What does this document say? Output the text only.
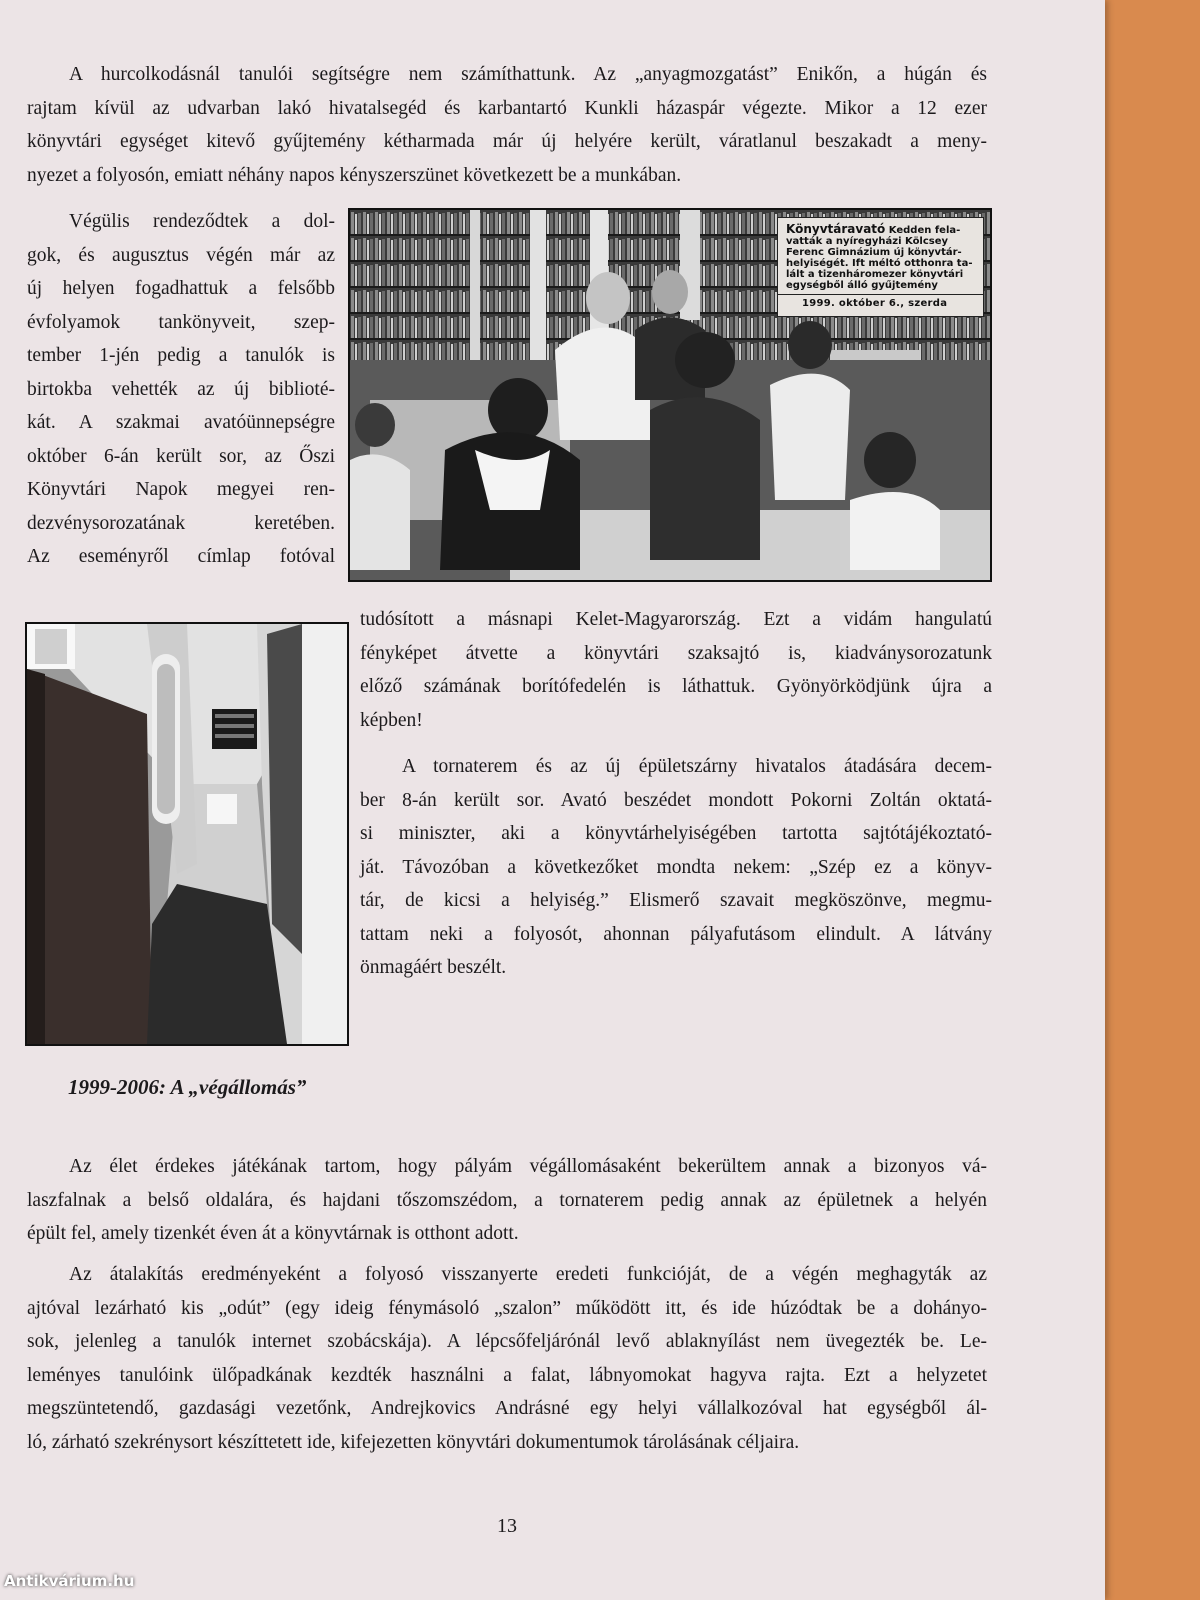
A hurcolkodásnál tanulói segítségre nem számíthattunk. Az „anyagmozgatást” Enikőn, a húgán és
rajtam kívül az udvarban lakó hivatalsegéd és karbantartó Kunkli házaspár végezte. Mikor a 12 ezer
könyvtári egységet kitevő gyűjtemény kétharmada már új helyére került, váratlanul beszakadt a meny-
nyezet a folyosón, emiatt néhány napos kényszerszünet következett be a munkában.
Végülis rendeződtek a dol-
gok, és augusztus végén már az
új helyen fogadhattuk a felsőbb
évfolyamok tankönyveit, szep-
tember 1-jén pedig a tanulók is
birtokba vehették az új biblioté-
kát. A szakmai avatóünnepségre
október 6-án került sor, az Őszi
Könyvtári Napok megyei ren-
dezvénysorozatának keretében.
Az eseményről címlap fotóval
Könyvtáravató Kedden fela-
vatták a nyíregyházi Kölcsey
Ferenc Gimnázium új könyvtár-
helyiségét. Ift méltó otthonra ta-
lált a tizenháromezer könyvtári
egységből álló gyűjtemény
1999. október 6., szerda
tudósított a másnapi Kelet-Magyarország. Ezt a vidám hangulatú
fényképet átvette a könyvtári szaksajtó is, kiadványsorozatunk
előző számának borítófedelén is láthattuk. Gyönyörködjünk újra a
képben!
A tornaterem és az új épületszárny hivatalos átadására decem-
ber 8-án került sor. Avató beszédet mondott Pokorni Zoltán oktatá-
si miniszter, aki a könyvtárhelyiségében tartotta sajtótájékoztató-
ját. Távozóban a következőket mondta nekem: „Szép ez a könyv-
tár, de kicsi a helyiség.” Elismerő szavait megköszönve, megmu-
tattam neki a folyosót, ahonnan pályafutásom elindult. A látvány
önmagáért beszélt.
1999-2006: A „végállomás”
Az élet érdekes játékának tartom, hogy pályám végállomásaként bekerültem annak a bizonyos vá-
laszfalnak a belső oldalára, és hajdani tőszomszédom, a tornaterem pedig annak az épületnek a helyén
épült fel, amely tizenkét éven át a könyvtárnak is otthont adott.
Az átalakítás eredményeként a folyosó visszanyerte eredeti funkcióját, de a végén meghagyták az
ajtóval lezárható kis „odút” (egy ideig fénymásoló „szalon” működött itt, és ide húzódtak be a dohányo-
sok, jelenleg a tanulók internet szobácskája). A lépcsőfeljárónál levő ablaknyílást nem üvegezték be. Le-
leményes tanulóink ülőpadkának kezdték használni a falat, lábnyomokat hagyva rajta. Ezt a helyzetet
megszüntetendő, gazdasági vezetőnk, Andrejkovics Andrásné egy helyi vállalkozóval hat egységből ál-
ló, zárható szekrénysort készíttetett ide, kifejezetten könyvtári dokumentumok tárolásának céljaira.
13
Antikvárium.hu
